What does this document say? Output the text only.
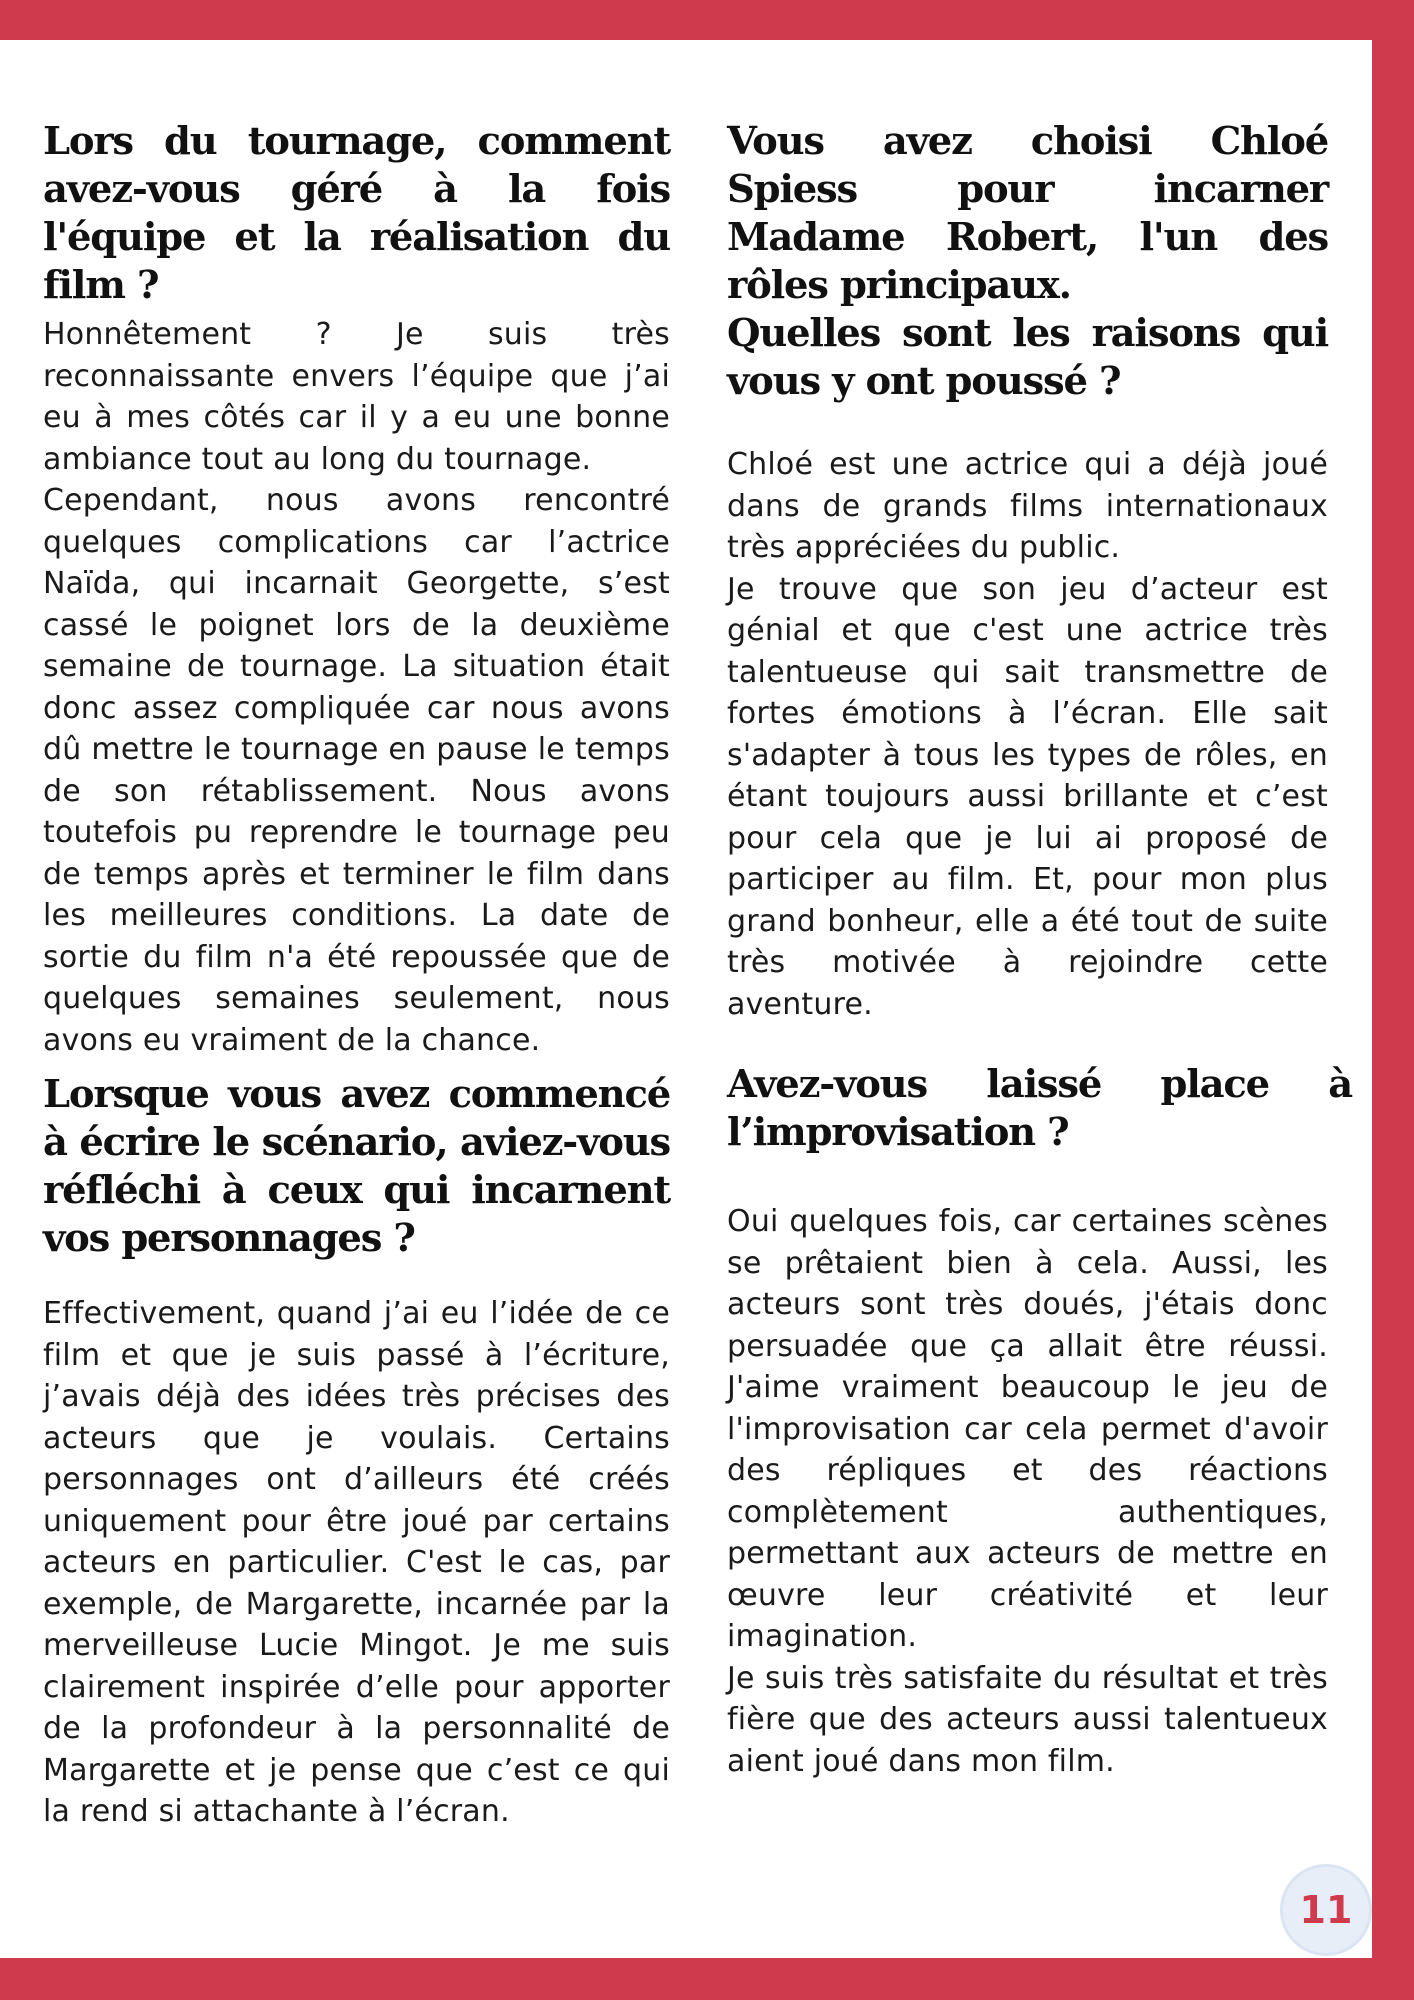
Lors du tournage, comment avez-vous géré à la fois l'équipe et la réalisation du film ?

Honnêtement ? Je suis très reconnaissante envers l’équipe que j’ai eu à mes côtés car il y a eu une bonne ambiance tout au long du tournage.

Cependant, nous avons rencontré quelques complications car l’actrice Naïda, qui incarnait Georgette, s’est cassé le poignet lors de la deuxième semaine de tournage. La situation était donc assez compliquée car nous avons dû mettre le tournage en pause le temps de son rétablissement. Nous avons toutefois pu reprendre le tournage peu de temps après et terminer le film dans les meilleures conditions. La date de sortie du film n'a été repoussée que de quelques semaines seulement, nous avons eu vraiment de la chance.

Lorsque vous avez commencé à écrire le scénario, aviez-vous réfléchi à ceux qui incarnent vos personnages ?

Effectivement, quand j’ai eu l’idée de ce film et que je suis passé à l’écriture, j’avais déjà des idées très précises des acteurs que je voulais. Certains personnages ont d’ailleurs été créés uniquement pour être joué par certains acteurs en particulier. C'est le cas, par exemple, de Margarette, incarnée par la merveilleuse Lucie Mingot. Je me suis clairement inspirée d’elle pour apporter de la profondeur à la personnalité de Margarette et je pense que c’est ce qui la rend si attachante à l’écran.

Vous avez choisi Chloé Spiess pour incarner Madame Robert, l'un des rôles principaux.
Quelles sont les raisons qui vous y ont poussé ?

Chloé est une actrice qui a déjà joué dans de grands films internationaux très appréciées du public.

Je trouve que son jeu d’acteur est génial et que c'est une actrice très talentueuse qui sait transmettre de fortes émotions à l’écran. Elle sait s'adapter à tous les types de rôles, en étant toujours aussi brillante et c’est pour cela que je lui ai proposé de participer au film. Et, pour mon plus grand bonheur, elle a été tout de suite très motivée à rejoindre cette aventure.

Avez-vous laissé place à l’improvisation ?

Oui quelques fois, car certaines scènes se prêtaient bien à cela. Aussi, les acteurs sont très doués, j'étais donc persuadée que ça allait être réussi. J'aime vraiment beaucoup le jeu de l'improvisation car cela permet d'avoir des répliques et des réactions complètement authentiques, permettant aux acteurs de mettre en œuvre leur créativité et leur imagination.

Je suis très satisfaite du résultat et très fière que des acteurs aussi talentueux aient joué dans mon film.

11
